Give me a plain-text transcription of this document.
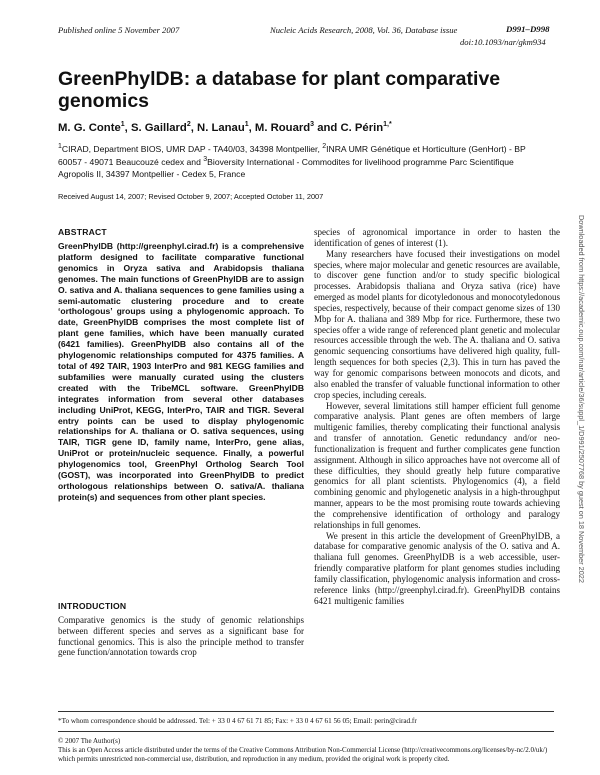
Published online 5 November 2007	Nucleic Acids Research, 2008, Vol. 36, Database issue	D991–D998
doi:10.1093/nar/gkm934
GreenPhylDB: a database for plant comparative genomics
M. G. Conte$^1$, S. Gaillard$^2$, N. Lanau$^1$, M. Rouard$^3$ and C. Périn$^{1,*}$
$^1$CIRAD, Department BIOS, UMR DAP - TA40/03, 34398 Montpellier, $^2$INRA UMR Génétique et Horticulture (GenHort) - BP 60057 - 49071 Beaucouzé cedex and $^3$Bioversity International - Commodites for livelihood programme Parc Scientifique Agropolis II, 34397 Montpellier - Cedex 5, France
Received August 14, 2007; Revised October 9, 2007; Accepted October 11, 2007
ABSTRACT

GreenPhylDB (http://greenphyl.cirad.fr) is a comprehensive platform designed to facilitate comparative functional genomics in Oryza sativa and Arabidopsis thaliana genomes. The main functions of GreenPhylDB are to assign O. sativa and A. thaliana sequences to gene families using a semi-automatic clustering procedure and to create ‘orthologous’ groups using a phylogenomic approach. To date, GreenPhylDB comprises the most complete list of plant gene families, which have been manually curated (6421 families). GreenPhylDB also contains all of the phylogenomic relationships computed for 4375 families. A total of 492 TAIR, 1903 InterPro and 981 KEGG families and subfamilies were manually curated using the clusters created with the TribeMCL software. GreenPhylDB integrates information from several other databases including UniProt, KEGG, InterPro, TAIR and TIGR. Several entry points can be used to display phylogenomic relationships for A. thaliana or O. sativa sequences, using TAIR, TIGR gene ID, family name, InterPro, gene alias, UniProt or protein/nucleic sequence. Finally, a powerful phylogenomics tool, GreenPhyl Ortholog Search Tool (GOST), was incorporated into GreenPhylDB to predict orthologous relationships between O. sativa/A. thaliana protein(s) and sequences from other plant species.

INTRODUCTION

Comparative genomics is the study of genomic relationships between different species and serves as a significant base for functional genomics. This is also the principle method to transfer gene function/annotation towards crop

species of agronomical importance in order to hasten the identification of genes of interest (1).

Many researchers have focused their investigations on model species, where major molecular and genetic resources are available, to discover gene function and/or to study specific biological processes. Arabidopsis thaliana and Oryza sativa (rice) have emerged as model plants for dicotyledonous and monocotyledonous species, respectively, because of their compact genome sizes of 130 Mbp for A. thaliana and 389 Mbp for rice. Furthermore, these two species offer a wide range of referenced plant genetic and molecular resources accessible through the web. The A. thaliana and O. sativa genomic sequencing consortiums have delivered high quality, full-length sequences for both species (2,3). This in turn has paved the way for genomic comparisons between monocots and dicots, and also enabled the transfer of valuable functional information to other crop species, including cereals.

However, several limitations still hamper efficient full genome comparative analysis. Plant genes are often members of large multigenic families, thereby complicating their functional analysis and transfer of annotation. Genetic redundancy and/or neo-functionalization is frequent and further complicates gene function assignment. Although in silico approaches have not overcome all of these difficulties, they should greatly help future comparative genomics for all plant scientists. Phylogenomics (4), a field combining genomic and phylogenetic analysis in a high-throughput manner, appears to be the most promising route towards achieving the comprehensive identification of orthology and paralogy relationships in full genomes.

We present in this article the development of GreenPhylDB, a database for comparative genomic analysis of the O. sativa and A. thaliana full genomes. GreenPhylDB is a web accessible, user-friendly comparative platform for plant genomes studies including family classification, phylogenomic analysis information and cross-reference links (http://greenphyl.cirad.fr). GreenPhylDB contains 6421 multigenic families

*To whom correspondence should be addressed. Tel: + 33 0 4 67 61 71 85; Fax: + 33 0 4 67 61 56 05; Email: perin@cirad.fr
© 2007 The Author(s)
This is an Open Access article distributed under the terms of the Creative Commons Attribution Non-Commercial License (http://creativecommons.org/licenses/by-nc/2.0/uk/) which permits unrestricted non-commercial use, distribution, and reproduction in any medium, provided the original work is properly cited.
Downloaded from https://academic.oup.com/nar/article/36/suppl_1/D991/2507768 by guest on 18 November 2022
